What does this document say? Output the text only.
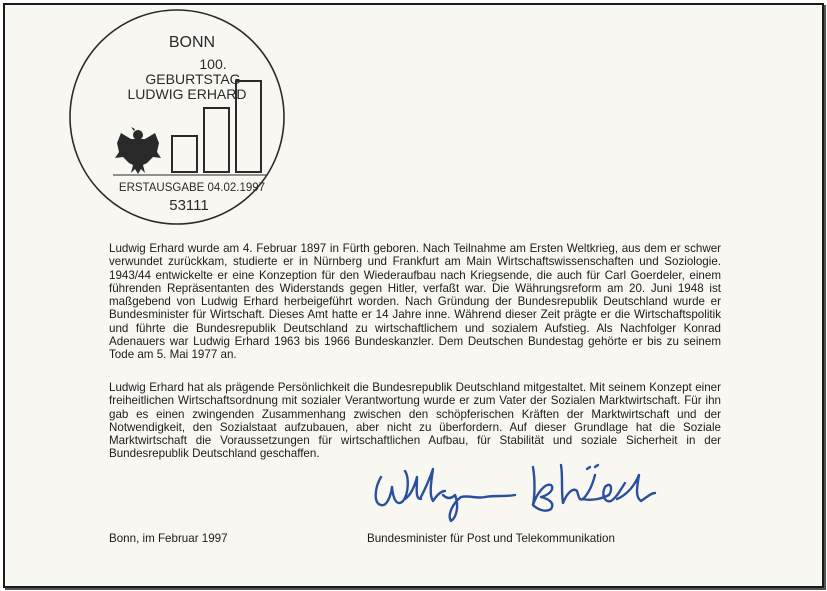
BONN
100.
GEBURTSTAG
LUDWIG ERHARD
ERSTAUSGABE 04.02.1997
53111

Ludwig Erhard wurde am 4. Februar 1897 in Fürth geboren. Nach Teilnahme am Ersten Weltkrieg, aus dem er schwer verwundet zurückkam, studierte er in Nürnberg und Frankfurt am Main Wirtschaftswissenschaften und Soziologie. 1943/44 entwickelte er eine Konzeption für den Wiederaufbau nach Kriegsende, die auch für Carl Goerdeler, einem führenden Repräsentanten des Widerstands gegen Hitler, verfaßt war. Die Währungsreform am 20. Juni 1948 ist maßgebend von Ludwig Erhard herbeigeführt worden. Nach Gründung der Bundesrepublik Deutschland wurde er Bundesminister für Wirtschaft. Dieses Amt hatte er 14 Jahre inne. Während dieser Zeit prägte er die Wirtschaftspolitik und führte die Bundesrepublik Deutschland zu wirtschaftlichem und sozialem Aufstieg. Als Nachfolger Konrad Adenauers war Ludwig Erhard 1963 bis 1966 Bundeskanzler. Dem Deutschen Bundestag gehörte er bis zu seinem Tode am 5. Mai 1977 an.

Ludwig Erhard hat als prägende Persönlichkeit die Bundesrepublik Deutschland mitgestaltet. Mit seinem Konzept einer freiheitlichen Wirtschaftsordnung mit sozialer Verantwortung wurde er zum Vater der Sozialen Marktwirtschaft. Für ihn gab es einen zwingenden Zusammenhang zwischen den schöpferischen Kräften der Marktwirtschaft und der Notwendigkeit, den Sozialstaat aufzubauen, aber nicht zu überfordern. Auf dieser Grundlage hat die Soziale Marktwirtschaft die Voraussetzungen für wirtschaftlichen Aufbau, für Stabilität und soziale Sicherheit in der Bundesrepublik Deutschland geschaffen.

Bonn, im Februar 1997	Bundesminister für Post und Telekommunikation
